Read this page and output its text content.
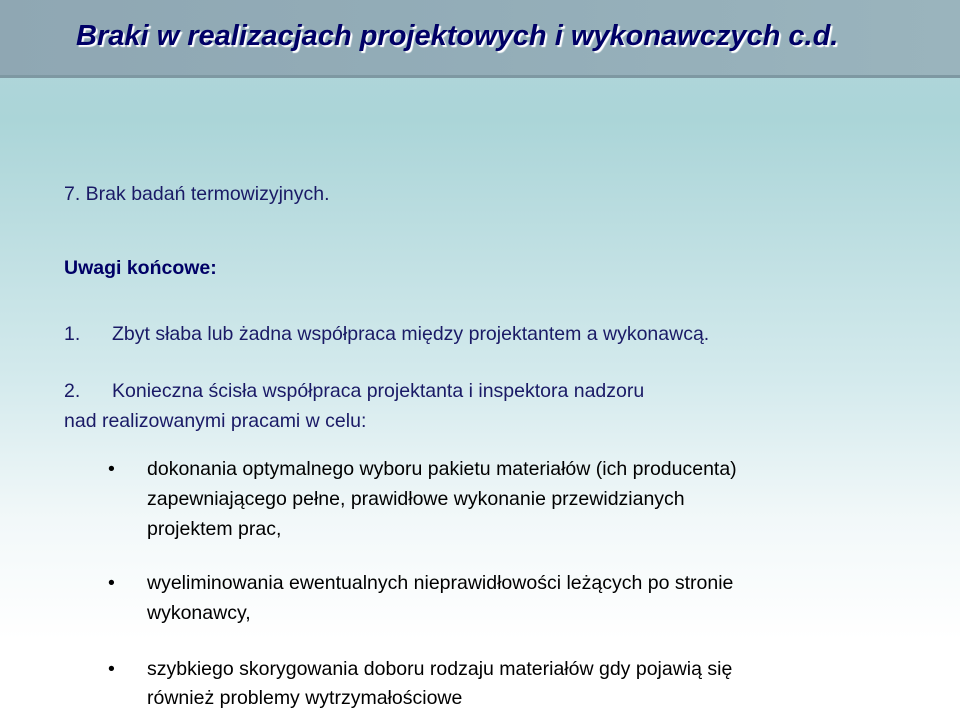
Braki w realizacjach projektowych i wykonawczych c.d.
7. Brak badań termowizyjnych.
Uwagi końcowe:
1. Zbyt słaba lub żadna współpraca między projektantem a wykonawcą.
2. Konieczna ścisła współpraca projektanta i inspektora nadzoru
nad realizowanymi pracami w celu:
• dokonania optymalnego wyboru pakietu materiałów (ich producenta)
zapewniającego pełne, prawidłowe wykonanie przewidzianych
projektem prac,
• wyeliminowania ewentualnych nieprawidłowości leżących po stronie
wykonawcy,
• szybkiego skorygowania doboru rodzaju materiałów gdy pojawią się
również problemy wytrzymałościowe
